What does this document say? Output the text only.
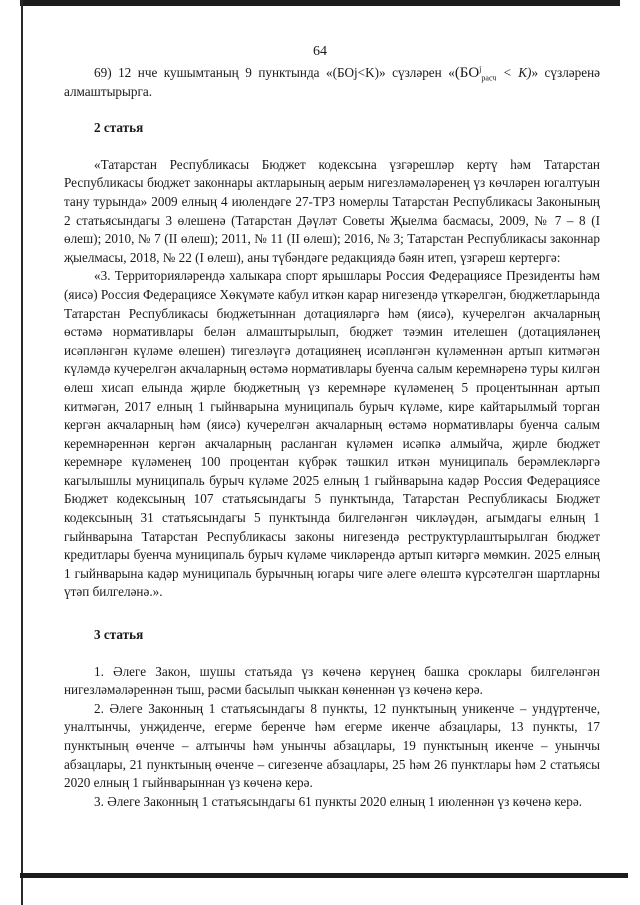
64

69) 12 нче кушымтаның 9 пунктында «(БОj<K)» сүзләрен «$(БО^j_{расч} < K)$» сүзләренә алмаштырырга.

2 статья

«Татарстан Республикасы Бюджет кодексына үзгәрешләр кертү һәм Татарстан Республикасы бюджет законнары актларының аерым нигезләмәләренең үз көчләрен югалтуын тану турында» 2009 елның 4 июлендәге 27-ТРЗ номерлы Татарстан Республикасы Законының 2 статьясындагы 3 өлешенә (Татарстан Дәүләт Советы Җыелма басмасы, 2009, № 7 – 8 (I өлеш); 2010, № 7 (II өлеш); 2011, № 11 (II өлеш); 2016, № 3; Татарстан Республикасы законнар җыелмасы, 2018, № 22 (I өлеш), аны түбәндәге редакциядә бәян итеп, үзгәреш кертергә:

«3. Территорияләрендә халыкара спорт ярышлары Россия Федерациясе Президенты һәм (яисә) Россия Федерациясе Хөкүмәте кабул иткән карар нигезендә үткәрелгән, бюджетларында Татарстан Республикасы бюджетыннан дотацияләргә һәм (яисә), кучерелгән акчаларның өстәмә нормативлары белән алмаштырылып, бюджет тәэмин ителешен (дотацияләнең исәпләнгән күләме өлешен) тигезләүгә дотациянең исәпләнгән күләменнән артып китмәгән күләмдә кучерелгән акчаларның өстәмә нормативлары буенча салым керемнәренә туры килгән өлеш хисап елында җирле бюджетның үз керемнәре күләменең 5 процентыннан артып китмәгән, 2017 елның 1 гыйнварына муниципаль бурыч күләме, кире кайтарылмый торган кергән акчаларның һәм (яисә) кучерелгән акчаларның өстәмә нормативлары буенча салым керемнәреннән кергән акчаларның расланган күләмен исәпкә алмыйча, җирле бюджет керемнәре күләменең 100 процентан күбрәк тәшкил иткән муниципаль берәмлекләргә кагылышлы муниципаль бурыч күләме 2025 елның 1 гыйнварына кадәр Россия Федерациясе Бюджет кодексының 107 статьясындагы 5 пунктында, Татарстан Республикасы Бюджет кодексының 31 статьясындагы 5 пунктында билгеләнгән чикләүдән, агымдагы елның 1 гыйнварына Татарстан Республикасы законы нигезендә реструктурлаштырылган бюджет кредитлары буенча муниципаль бурыч күләме чикләрендә артып китәргә мөмкин. 2025 елның 1 гыйнварына кадәр муниципаль бурычның югары чиге әлеге өлештә күрсәтелгән шартларны үтәп билгеләнә.».

3 статья

1. Әлеге Закон, шушы статьяда үз көченә керүнең башка сроклары билгеләнгән нигезләмәләреннән тыш, рәсми басылып чыккан көненнән үз көченә керә.

2. Әлеге Законның 1 статьясындагы 8 пункты, 12 пунктының уникенче – ундүртенче, уналтынчы, унҗиденче, егерме беренче һәм егерме икенче абзацлары, 13 пункты, 17 пунктының өченче – алтынчы һәм унынчы абзацлары, 19 пунктының икенче – унынчы абзацлары, 21 пунктының өченче – сигезенче абзацлары, 25 һәм 26 пунктлары һәм 2 статьясы 2020 елның 1 гыйнварыннан үз көченә керә.

3. Әлеге Законның 1 статьясындагы 61 пункты 2020 елның 1 июленнән үз көченә керә.
